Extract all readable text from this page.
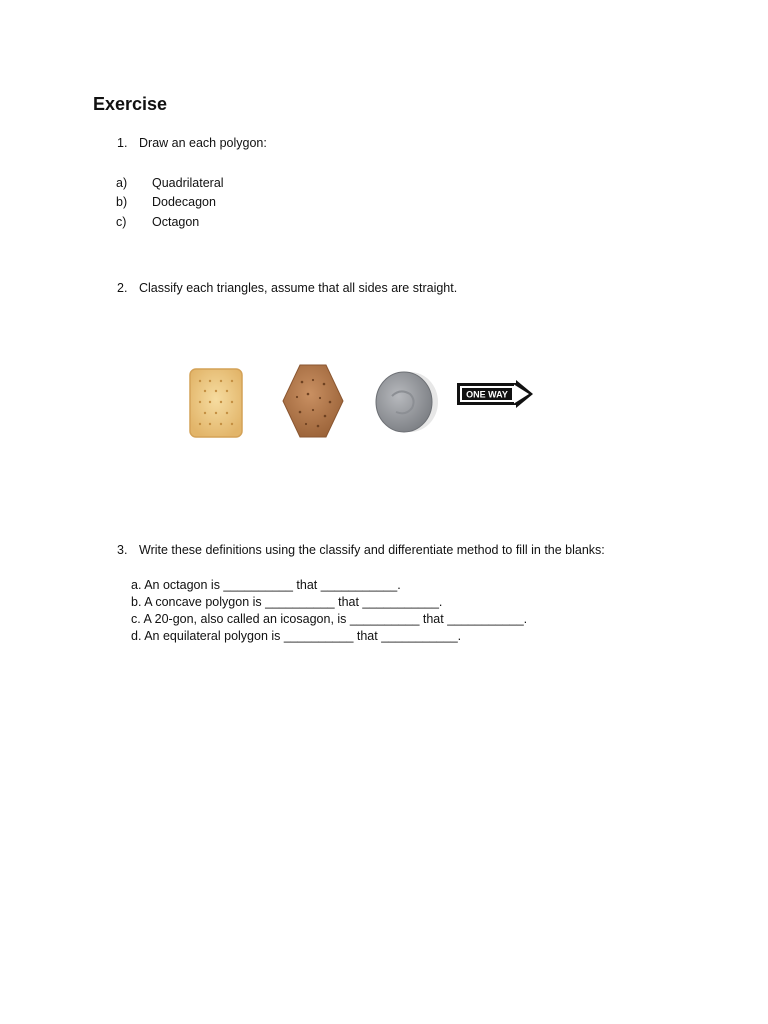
Exercise
1. Draw an each polygon:
a) Quadrilateral
b) Dodecagon
c) Octagon
2. Classify each triangles, assume that all sides are straight.
ONE WAY
3. Write these definitions using the classify and differentiate method to fill in the blanks:
a. An octagon is __________ that ___________.
b. A concave polygon is __________ that ___________.
c. A 20-gon, also called an icosagon, is __________ that ___________.
d. An equilateral polygon is __________ that ___________.
